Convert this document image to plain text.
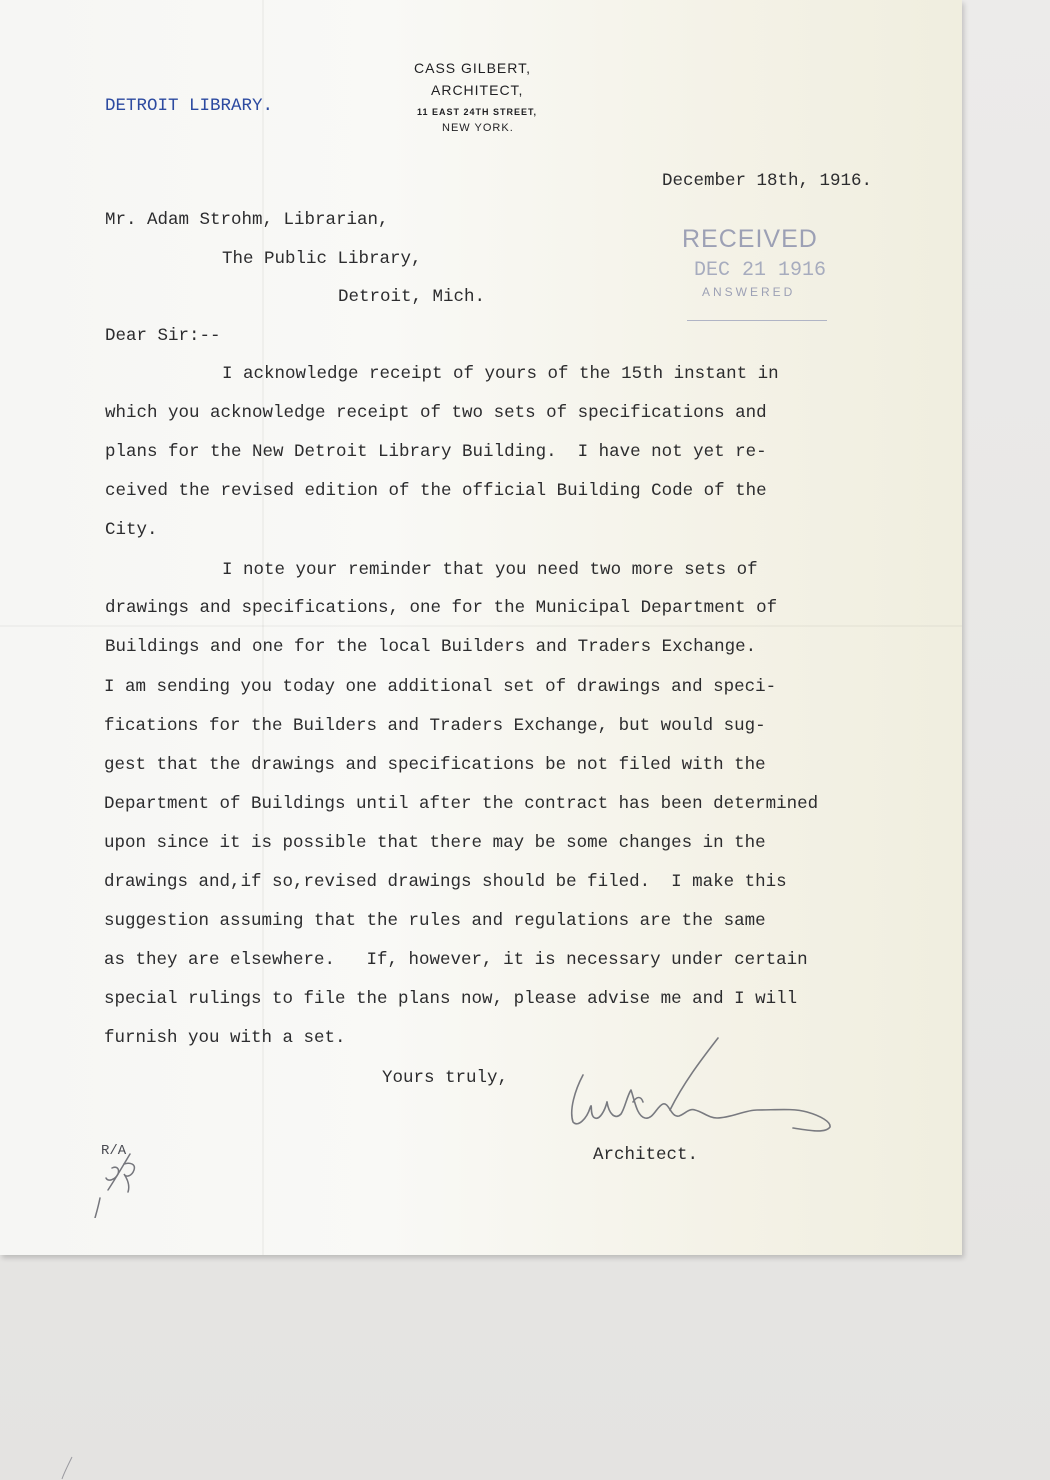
CASS GILBERT,

ARCHITECT,

11 EAST 24TH STREET,

NEW YORK.

DETROIT LIBRARY.

December 18th, 1916.

RECEIVED
DEC 21 1916
ANSWERED

Mr. Adam Strohm, Librarian,

The Public Library,

Detroit, Mich.

Dear Sir:--

I acknowledge receipt of yours of the 15th instant in

which you acknowledge receipt of two sets of specifications and

plans for the New Detroit Library Building.  I have not yet re-

ceived the revised edition of the official Building Code of the

City.

I note your reminder that you need two more sets of

drawings and specifications, one for the Municipal Department of

Buildings and one for the local Builders and Traders Exchange.

I am sending you today one additional set of drawings and speci-

fications for the Builders and Traders Exchange, but would sug-

gest that the drawings and specifications be not filed with the

Department of Buildings until after the contract has been determined

upon since it is possible that there may be some changes in the

drawings and,if so,revised drawings should be filed.  I make this

suggestion assuming that the rules and regulations are the same

as they are elsewhere.   If, however, it is necessary under certain

special rulings to file the plans now, please advise me and I will

furnish you with a set.

Yours truly,

Architect.

R/A
